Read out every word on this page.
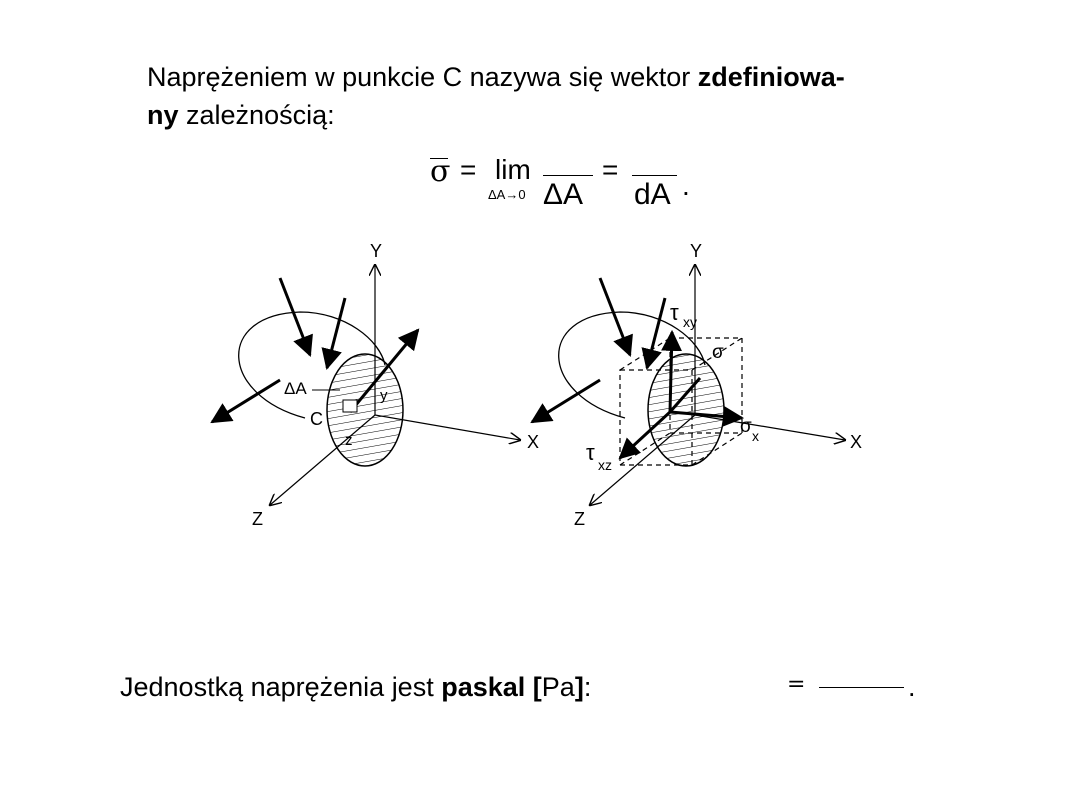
Naprężeniem w punkcie C nazywa się wektor zdefiniowa-
ny zależnością:
σ = lim
ΔA→0 ΔA
=
dA .
Y
X
Z
ΔA
C
y
z
Y
X
Z
τ xy
σ
σ x
τ xz
Jednostką naprężenia jest paskal [Pa]:	=	.
